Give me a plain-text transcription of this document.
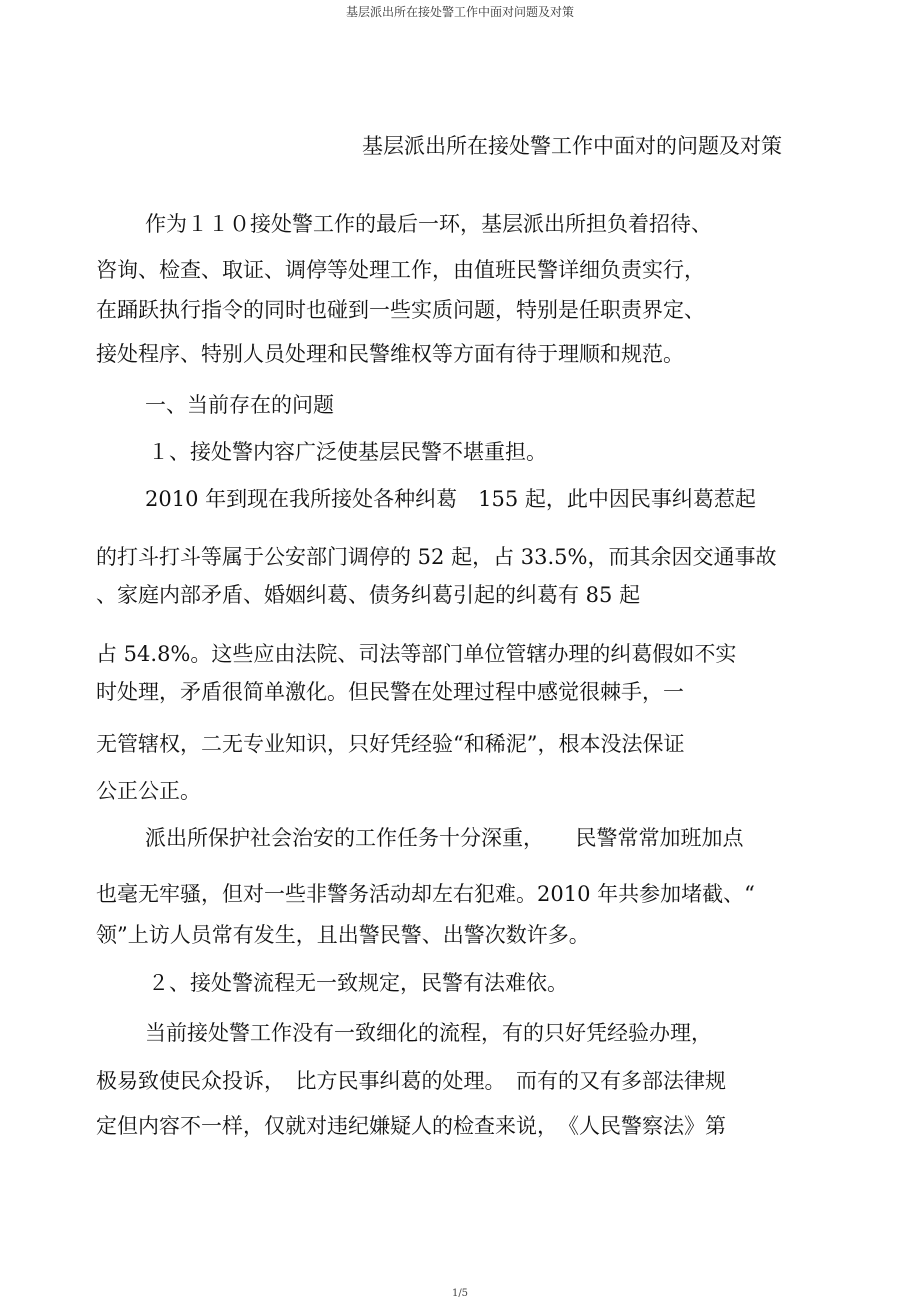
基层派出所在接处警工作中面对问题及对策
基层派出所在接处警工作中面对的问题及对策
作为１１０接处警工作的最后一环，基层派出所担负着招待、
咨询、检查、取证、调停等处理工作，由值班民警详细负责实行，
在踊跃执行指令的同时也碰到一些实质问题，特别是任职责界定、
接处程序、特别人员处理和民警维权等方面有待于理顺和规范。
一、当前存在的问题
１、接处警内容广泛使基层民警不堪重担。
2010 年到现在我所接处各种纠葛　155 起，此中因民事纠葛惹起
的打斗打斗等属于公安部门调停的 52 起，占 33.5%，而其余因交通事故
、家庭内部矛盾、婚姻纠葛、债务纠葛引起的纠葛有 85 起
占 54.8%。这些应由法院、司法等部门单位管辖办理的纠葛假如不实
时处理，矛盾很简单激化。但民警在处理过程中感觉很棘手，一
无管辖权，二无专业知识，只好凭经验“和稀泥”，根本没法保证
公正公正。
派出所保护社会治安的工作任务十分深重，　　民警常常加班加点
也毫无牢骚，但对一些非警务活动却左右犯难。2010 年共参加堵截、“
领”上访人员常有发生，且出警民警、出警次数许多。
２、接处警流程无一致规定，民警有法难依。
当前接处警工作没有一致细化的流程，有的只好凭经验办理，
极易致使民众投诉，　比方民事纠葛的处理。　而有的又有多部法律规
定但内容不一样，仅就对违纪嫌疑人的检查来说，　《人民警察法》第
1/5
